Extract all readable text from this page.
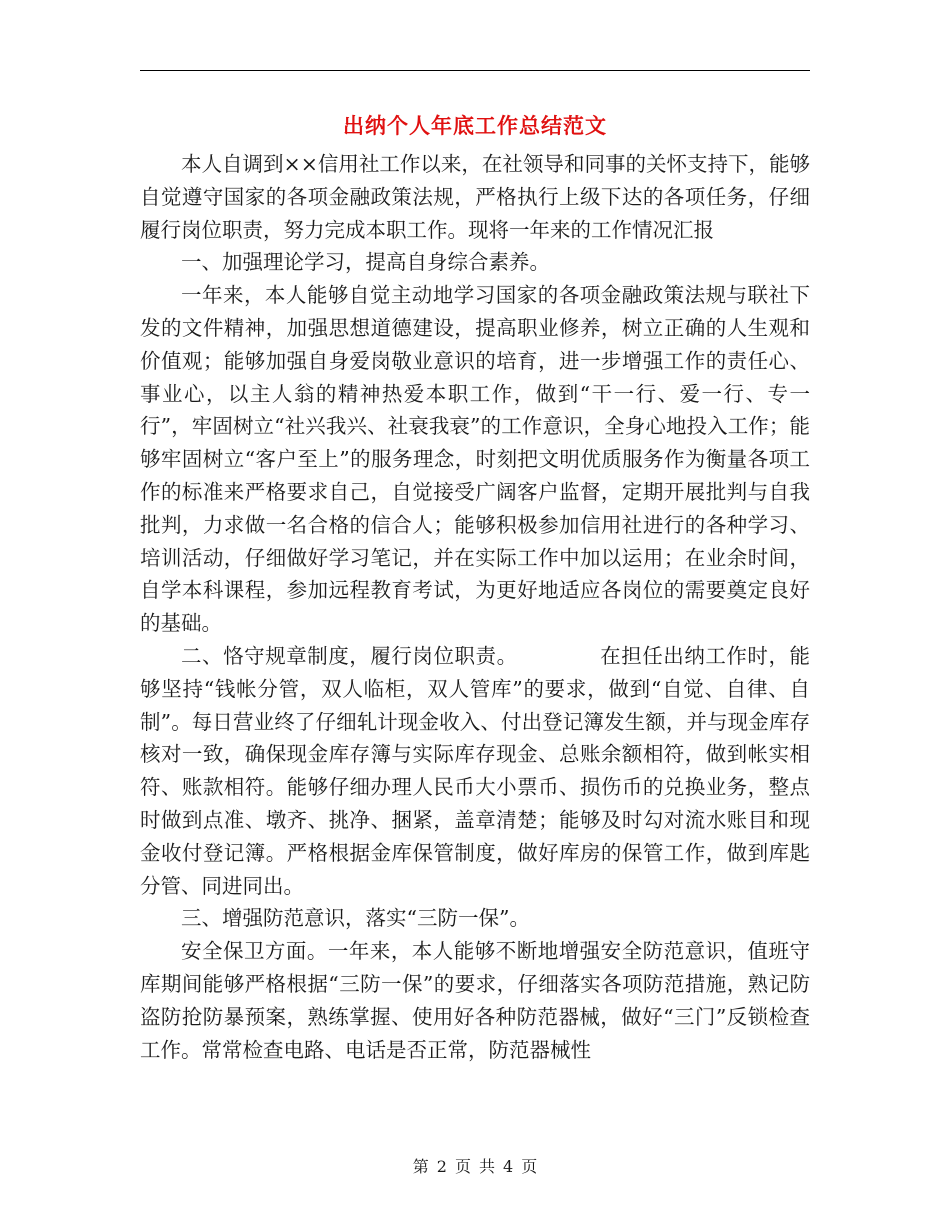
出纳个人年底工作总结范文

本人自调到××信用社工作以来，在社领导和同事的关怀支持下，能够自觉遵守国家的各项金融政策法规，严格执行上级下达的各项任务，仔细履行岗位职责，努力完成本职工作。现将一年来的工作情况汇报

一、加强理论学习，提高自身综合素养。

一年来，本人能够自觉主动地学习国家的各项金融政策法规与联社下发的文件精神，加强思想道德建设，提高职业修养，树立正确的人生观和价值观；能够加强自身爱岗敬业意识的培育，进一步增强工作的责任心、事业心，以主人翁的精神热爱本职工作，做到“干一行、爱一行、专一行”，牢固树立“社兴我兴、社衰我衰”的工作意识，全身心地投入工作；能够牢固树立“客户至上”的服务理念，时刻把文明优质服务作为衡量各项工作的标准来严格要求自己，自觉接受广阔客户监督，定期开展批判与自我批判，力求做一名合格的信合人；能够积极参加信用社进行的各种学习、培训活动，仔细做好学习笔记，并在实际工作中加以运用；在业余时间，自学本科课程，参加远程教育考试，为更好地适应各岗位的需要奠定良好的基础。

二、恪守规章制度，履行岗位职责。	在担任出纳工作时，能够坚持“钱帐分管，双人临柜，双人管库”的要求，做到“自觉、自律、自制”。每日营业终了仔细轧计现金收入、付出登记簿发生额，并与现金库存核对一致，确保现金库存簿与实际库存现金、总账余额相符，做到帐实相符、账款相符。能够仔细办理人民币大小票币、损伤币的兑换业务，整点时做到点准、墩齐、挑净、捆紧，盖章清楚；能够及时勾对流水账目和现金收付登记簿。严格根据金库保管制度，做好库房的保管工作，做到库匙分管、同进同出。

三、增强防范意识，落实“三防一保”。

安全保卫方面。一年来，本人能够不断地增强安全防范意识，值班守库期间能够严格根据“三防一保”的要求，仔细落实各项防范措施，熟记防盗防抢防暴预案，熟练掌握、使用好各种防范器械，做好“三门”反锁检查工作。常常检查电路、电话是否正常，防范器械性

第 2 页 共 4 页
